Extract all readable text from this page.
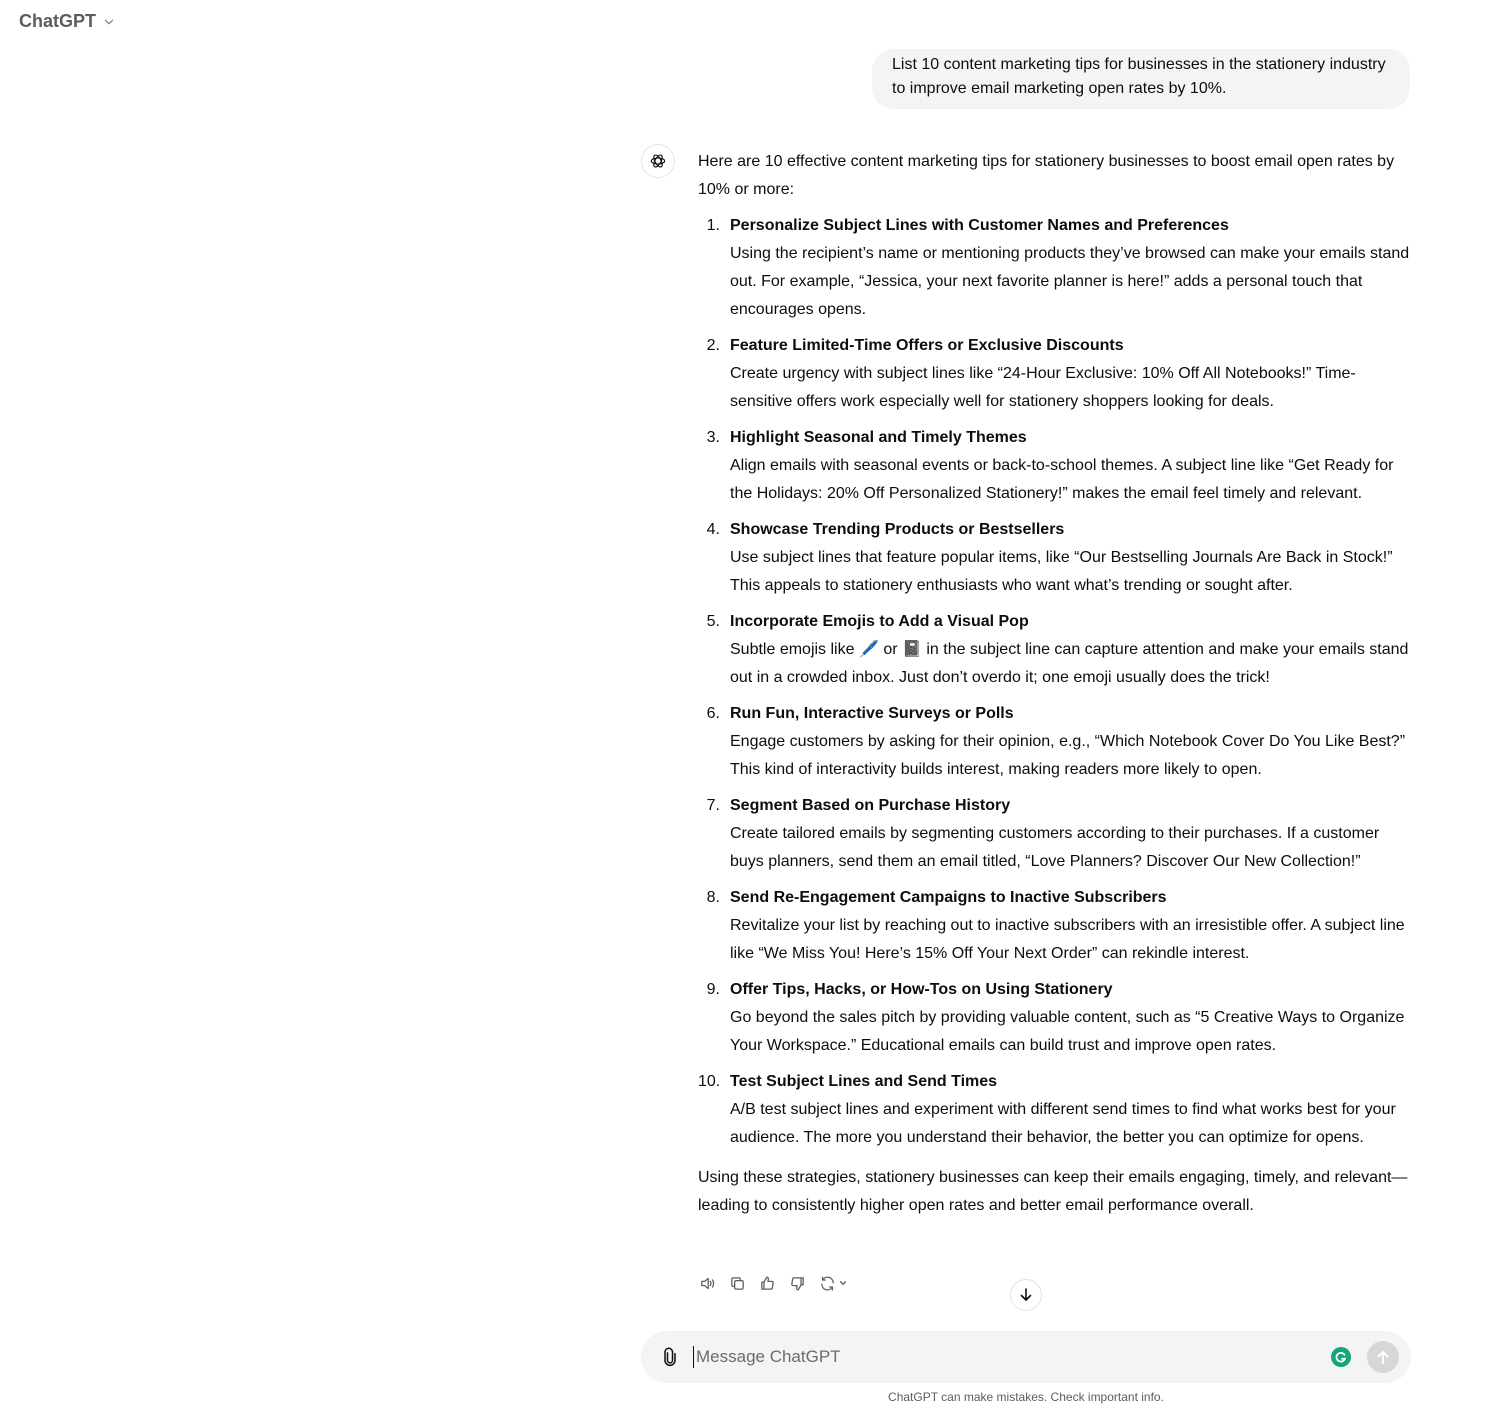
ChatGPT
List 10 content marketing tips for businesses in the stationery industry to improve email marketing open rates by 10%.

Here are 10 effective content marketing tips for stationery businesses to boost email open rates by 10% or more:

1. Personalize Subject Lines with Customer Names and Preferences
Using the recipient’s name or mentioning products they’ve browsed can make your emails stand out. For example, “Jessica, your next favorite planner is here!” adds a personal touch that encourages opens.
2. Feature Limited-Time Offers or Exclusive Discounts
Create urgency with subject lines like “24-Hour Exclusive: 10% Off All Notebooks!” Time-sensitive offers work especially well for stationery shoppers looking for deals.
3. Highlight Seasonal and Timely Themes
Align emails with seasonal events or back-to-school themes. A subject line like “Get Ready for the Holidays: 20% Off Personalized Stationery!” makes the email feel timely and relevant.
4. Showcase Trending Products or Bestsellers
Use subject lines that feature popular items, like “Our Bestselling Journals Are Back in Stock!” This appeals to stationery enthusiasts who want what’s trending or sought after.
5. Incorporate Emojis to Add a Visual Pop
Subtle emojis like 🖊️ or 📓 in the subject line can capture attention and make your emails stand out in a crowded inbox. Just don’t overdo it; one emoji usually does the trick!
6. Run Fun, Interactive Surveys or Polls
Engage customers by asking for their opinion, e.g., “Which Notebook Cover Do You Like Best?” This kind of interactivity builds interest, making readers more likely to open.
7. Segment Based on Purchase History
Create tailored emails by segmenting customers according to their purchases. If a customer buys planners, send them an email titled, “Love Planners? Discover Our New Collection!”
8. Send Re-Engagement Campaigns to Inactive Subscribers
Revitalize your list by reaching out to inactive subscribers with an irresistible offer. A subject line like “We Miss You! Here’s 15% Off Your Next Order” can rekindle interest.
9. Offer Tips, Hacks, or How-Tos on Using Stationery
Go beyond the sales pitch by providing valuable content, such as “5 Creative Ways to Organize Your Workspace.” Educational emails can build trust and improve open rates.
10. Test Subject Lines and Send Times
A/B test subject lines and experiment with different send times to find what works best for your audience. The more you understand their behavior, the better you can optimize for opens.

Using these strategies, stationery businesses can keep their emails engaging, timely, and relevant—leading to consistently higher open rates and better email performance overall.

Message ChatGPT
ChatGPT can make mistakes. Check important info.
